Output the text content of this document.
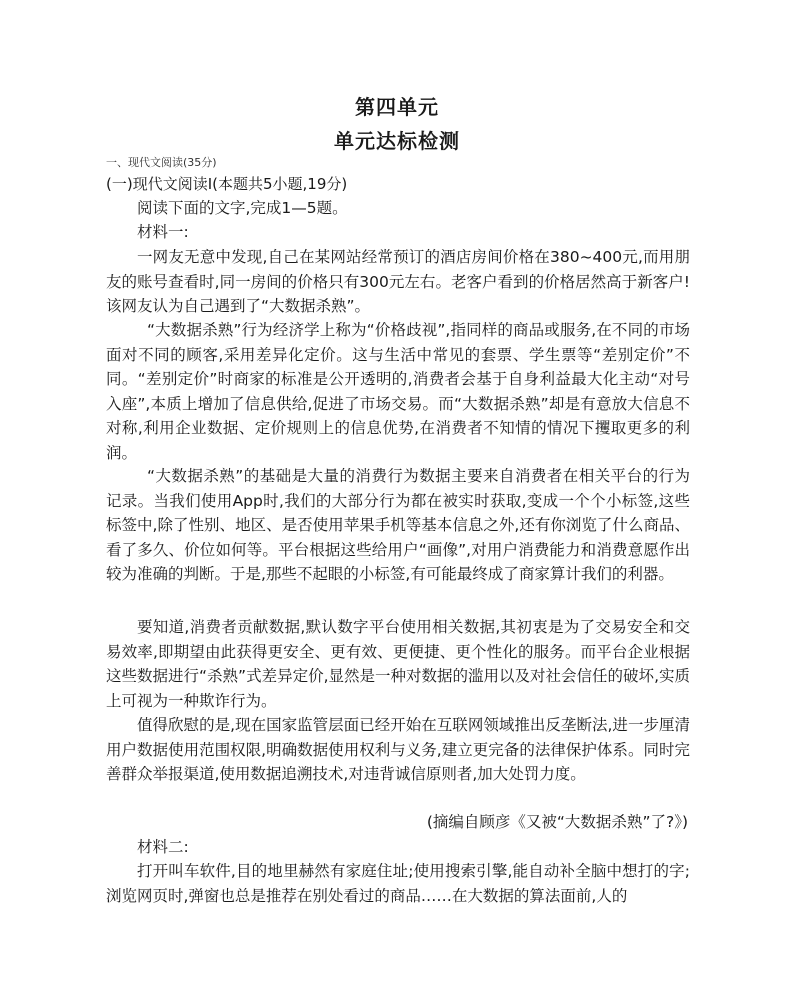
第四单元
单元达标检测
一、现代文阅读(35分)
(一)现代文阅读Ⅰ(本题共5小题,19分)

阅读下面的文字,完成1—5题。

材料一:

一网友无意中发现,自己在某网站经常预订的酒店房间价格在380~400元,而用朋友的账号查看时,同一房间的价格只有300元左右。老客户看到的价格居然高于新客户!该网友认为自己遇到了“大数据杀熟”。

“大数据杀熟”行为经济学上称为“价格歧视”,指同样的商品或服务,在不同的市场面对不同的顾客,采用差异化定价。这与生活中常见的套票、学生票等“差别定价”不同。“差别定价”时商家的标准是公开透明的,消费者会基于自身利益最大化主动“对号入座”,本质上增加了信息供给,促进了市场交易。而“大数据杀熟”却是有意放大信息不对称,利用企业数据、定价规则上的信息优势,在消费者不知情的情况下攫取更多的利润。

“大数据杀熟”的基础是大量的消费行为数据主要来自消费者在相关平台的行为记录。当我们使用App时,我们的大部分行为都在被实时获取,变成一个个小标签,这些标签中,除了性别、地区、是否使用苹果手机等基本信息之外,还有你浏览了什么商品、看了多久、价位如何等。平台根据这些给用户“画像”,对用户消费能力和消费意愿作出较为准确的判断。于是,那些不起眼的小标签,有可能最终成了商家算计我们的利器。

要知道,消费者贡献数据,默认数字平台使用相关数据,其初衷是为了交易安全和交易效率,即期望由此获得更安全、更有效、更便捷、更个性化的服务。而平台企业根据这些数据进行“杀熟”式差异定价,显然是一种对数据的滥用以及对社会信任的破坏,实质上可视为一种欺诈行为。

值得欣慰的是,现在国家监管层面已经开始在互联网领域推出反垄断法,进一步厘清用户数据使用范围权限,明确数据使用权利与义务,建立更完备的法律保护体系。同时完善群众举报渠道,使用数据追溯技术,对违背诚信原则者,加大处罚力度。

(摘编自顾彦《又被“大数据杀熟”了?》)

材料二:

打开叫车软件,目的地里赫然有家庭住址;使用搜索引擎,能自动补全脑中想打的字;浏览网页时,弹窗也总是推荐在别处看过的商品……在大数据的算法面前,人的
